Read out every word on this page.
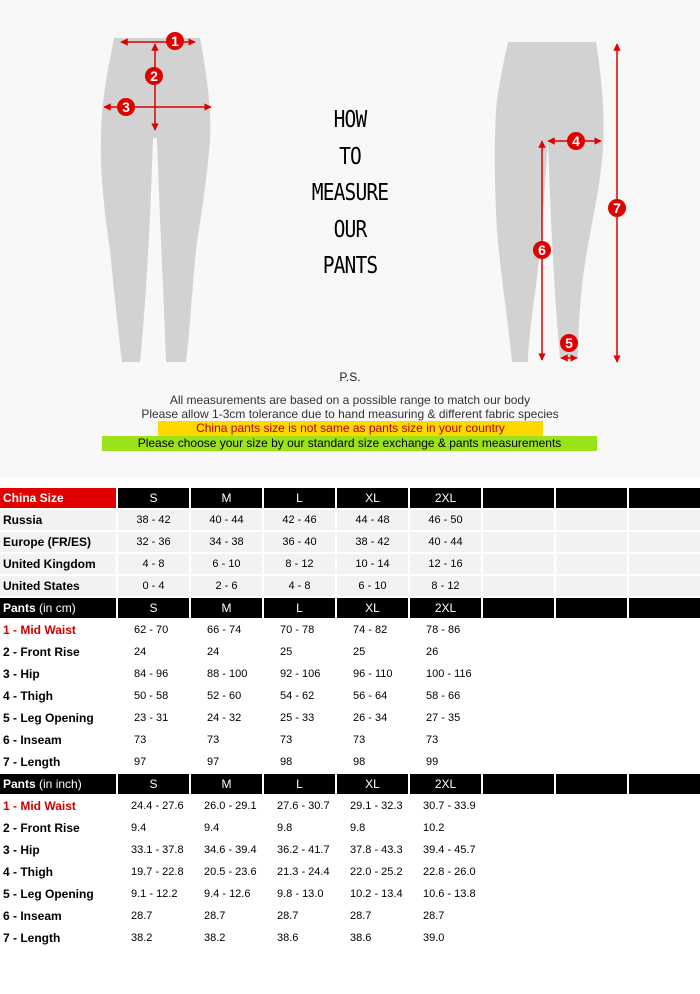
1
2
3
4
5
6
7
HOW
TO
MEASURE
OUR
PANTS
P.S.
All measurements are based on a possible range to match our body
Please allow 1-3cm tolerance due to hand measuring & different fabric species
China pants size is not same as pants size in your country
Please choose your size by our standard size exchange & pants measurements
China Size	S	M	L	XL	2XL			
Russia	38 - 42	40 - 44	42 - 46	44 - 48	46 - 50			
Europe (FR/ES)	32 - 36	34 - 38	36 - 40	38 - 42	40 - 44			
United Kingdom	4 - 8	6 - 10	8 - 12	10 - 14	12 - 16			
United States	0 - 4	2 - 6	4 - 8	6 - 10	8 - 12			
Pants (in cm)	S	M	L	XL	2XL			
1 - Mid Waist	62 - 70	66 - 74	70 - 78	74 - 82	78 - 86			
2 - Front Rise	24	24	25	25	26			
3 - Hip	84 - 96	88 - 100	92 - 106	96 - 110	100 - 116			
4 - Thigh	50 - 58	52 - 60	54 - 62	56 - 64	58 - 66			
5 - Leg Opening	23 - 31	24 - 32	25 - 33	26 - 34	27 - 35			
6 - Inseam	73	73	73	73	73			
7 - Length	97	97	98	98	99			
Pants (in inch)	S	M	L	XL	2XL			
1 - Mid Waist	24.4 - 27.6	26.0 - 29.1	27.6 - 30.7	29.1 - 32.3	30.7 - 33.9			
2 - Front Rise	9.4	9.4	9.8	9.8	10.2			
3 - Hip	33.1 - 37.8	34.6 - 39.4	36.2 - 41.7	37.8 - 43.3	39.4 - 45.7			
4 - Thigh	19.7 - 22.8	20.5 - 23.6	21.3 - 24.4	22.0 - 25.2	22.8 - 26.0			
5 - Leg Opening	9.1 - 12.2	9.4 - 12.6	9.8 - 13.0	10.2 - 13.4	10.6 - 13.8			
6 - Inseam	28.7	28.7	28.7	28.7	28.7			
7 - Length	38.2	38.2	38.6	38.6	39.0			
